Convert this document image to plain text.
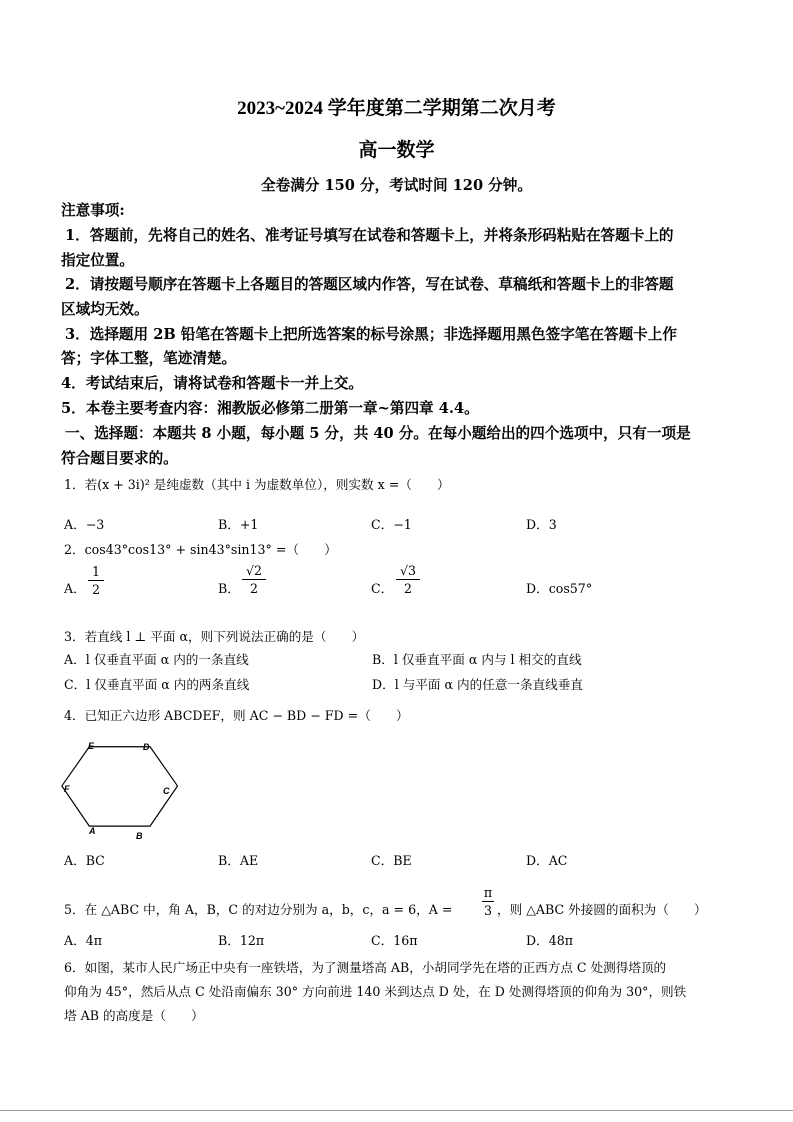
2023~2024 学年度第二学期第二次月考
高一数学
全卷满分 150 分，考试时间 120 分钟。
注意事项:
1．答题前，先将自己的姓名、准考证号填写在试卷和答题卡上，并将条形码粘贴在答题卡上的
指定位置。
2．请按题号顺序在答题卡上各题目的答题区域内作答，写在试卷、草稿纸和答题卡上的非答题
区域均无效。
3．选择题用 2B 铅笔在答题卡上把所选答案的标号涂黑；非选择题用黑色签字笔在答题卡上作
答；字体工整，笔迹清楚。
4．考试结束后，请将试卷和答题卡一并上交。
5．本卷主要考查内容：湘教版必修第二册第一章~第四章 4.4。
一、选择题：本题共 8 小题，每小题 5 分，共 40 分。在每小题给出的四个选项中，只有一项是
符合题目要求的。
1．若(x + 3i)² 是纯虚数（其中 i 为虚数单位），则实数 x =（　　）
A．−3	B．+1	C．−1	D．3
2．cos43°cos13° + sin43°sin13° =（　　）
A．
1
2	B．
√2
2	C．
√3
2	D．cos57°
3．若直线 l ⊥ 平面 α，则下列说法正确的是（　　）
A．l 仅垂直平面 α 内的一条直线	B．l 仅垂直平面 α 内与 l 相交的直线
C．l 仅垂直平面 α 内的两条直线	D．l 与平面 α 内的任意一条直线垂直
4．已知正六边形 ABCDEF，则 AC − BD − FD =（　　）
E	D
F	C
A	B
A．BC	B．AE	C．BE	D．AC
5．在 △ABC 中，角 A，B，C 的对边分别为 a，b，c，a = 6，A =
π
3 ，则 △ABC 外接圆的面积为（　　）
A．4π	B．12π	C．16π	D．48π
6．如图，某市人民广场正中央有一座铁塔，为了测量塔高 AB，小胡同学先在塔的正西方点 C 处测得塔顶的
仰角为 45°，然后从点 C 处沿南偏东 30° 方向前进 140 米到达点 D 处，在 D 处测得塔顶的仰角为 30°，则铁
塔 AB 的高度是（　　）
